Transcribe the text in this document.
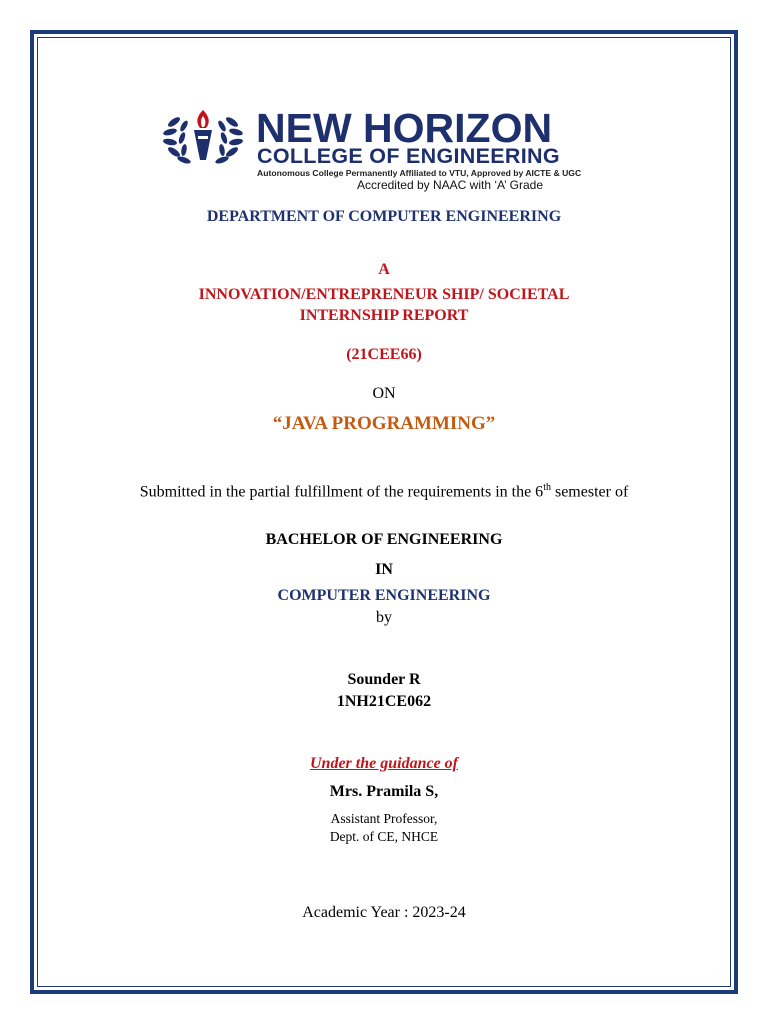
NEW HORIZON
COLLEGE OF ENGINEERING
Autonomous College Permanently Affiliated to VTU, Approved by AICTE & UGC
Accredited by NAAC with ‘A’ Grade
DEPARTMENT OF COMPUTER ENGINEERING
A
INNOVATION/ENTREPRENEUR SHIP/ SOCIETAL
INTERNSHIP REPORT
(21CEE66)
ON
“JAVA PROGRAMMING”
Submitted in the partial fulfillment of the requirements in the 6th semester of
BACHELOR OF ENGINEERING
IN
COMPUTER ENGINEERING
by
Sounder R
1NH21CE062
Under the guidance of
Mrs. Pramila S,
Assistant Professor,
Dept. of CE, NHCE
Academic Year : 2023-24
